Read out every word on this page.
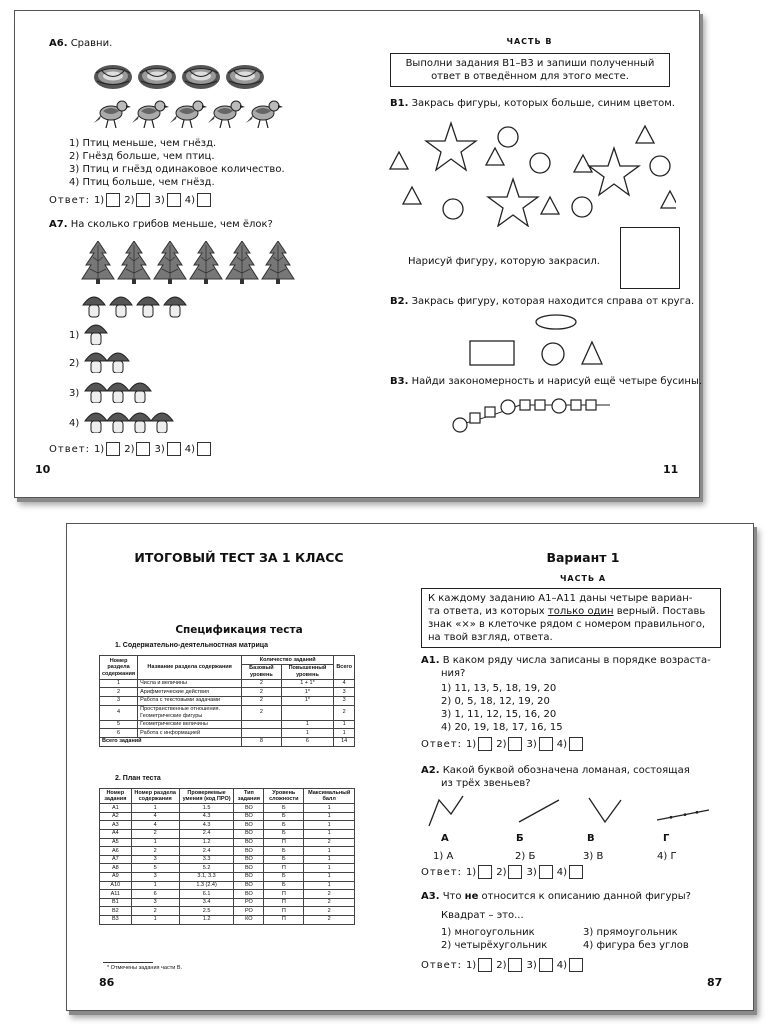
А6. Сравни.
1) Птиц меньше, чем гнёзд.
2) Гнёзд больше, чем птиц.
3) Птиц и гнёзд одинаковое количество.
4) Птиц больше, чем гнёзд.
Ответ: 1) 2) 3) 4)
А7. На сколько грибов меньше, чем ёлок?
1)
2)
3)
4)
Ответ: 1) 2) 3) 4)
10
ЧАСТЬ В
Выполни задания В1–В3 и запиши полученный
ответ в отведённом для этого месте.
В1. Закрась фигуры, которых больше, синим цветом.
Нарисуй фигуру, которую закрасил.
В2. Закрась фигуру, которая находится справа от круга.
В3. Найди закономерность и нарисуй ещё четыре бусины.
11
ИТОГОВЫЙ ТЕСТ ЗА 1 КЛАСС
Спецификация теста
1. Содержательно-деятельностная матрица
Номер раздела содержания	Название раздела содержания	Количество заданий		Всего
		Базовый уровень	Повышенный уровень	
1	Числа и величины	2	1 + 1*	4
2	Арифметические действия	2	1*	3
3	Работа с текстовыми задачами	2	1*	3
4	Пространственные отношения. Геометрические фигуры	2		2
5	Геометрические величины		1	1
6	Работа с информацией		1	1
Всего заданий		8	6	14
2. План теста
Номер задания	Номер раздела содержания	Проверяемые умения (код ПРО)	Тип задания	Уровень сложности	Максимальный балл
А1	1	1.5	ВО	Б	1
А2	4	4.3	ВО	Б	1
А3	4	4.3	ВО	Б	1
А4	2	2.4	ВО	Б	1
А5	1	1.2	ВО	П	2
А6	2	2.4	ВО	Б	1
А7	3	3.3	ВО	Б	1
А8	5	5.2	ВО	П	1
А9	3	3.1, 3.3	ВО	Б	1
А10	1	1.3 (2.4)	ВО	Б	1
А11	6	6.1	ВО	П	2
В1	3	3.4	РО	П	2
В2	2	2.5	РО	П	2
В3	1	1.2	КО	П	2
* Отмечены задания части В.
86
Вариант 1
ЧАСТЬ А
К каждому заданию А1–А11 даны четыре вариан-
та ответа, из которых только один верный. Поставь
знак «×» в клеточке рядом с номером правильного,
на твой взгляд, ответа.
А1. В каком ряду числа записаны в порядке возраста-
ния?
1) 11, 13, 5, 18, 19, 20
2) 0, 5, 18, 12, 19, 20
3) 1, 11, 12, 15, 16, 20
4) 20, 19, 18, 17, 16, 15
Ответ: 1) 2) 3) 4)
А2. Какой буквой обозначена ломаная, состоящая
из трёх звеньев?
А	Б	В	Г
1) А	2) Б	3) В	4) Г
Ответ: 1) 2) 3) 4)
А3. Что не относится к описанию данной фигуры?
Квадрат – это...
1) многоугольник	3) прямоугольник
2) четырёхугольник	4) фигура без углов
Ответ: 1) 2) 3) 4)
87
